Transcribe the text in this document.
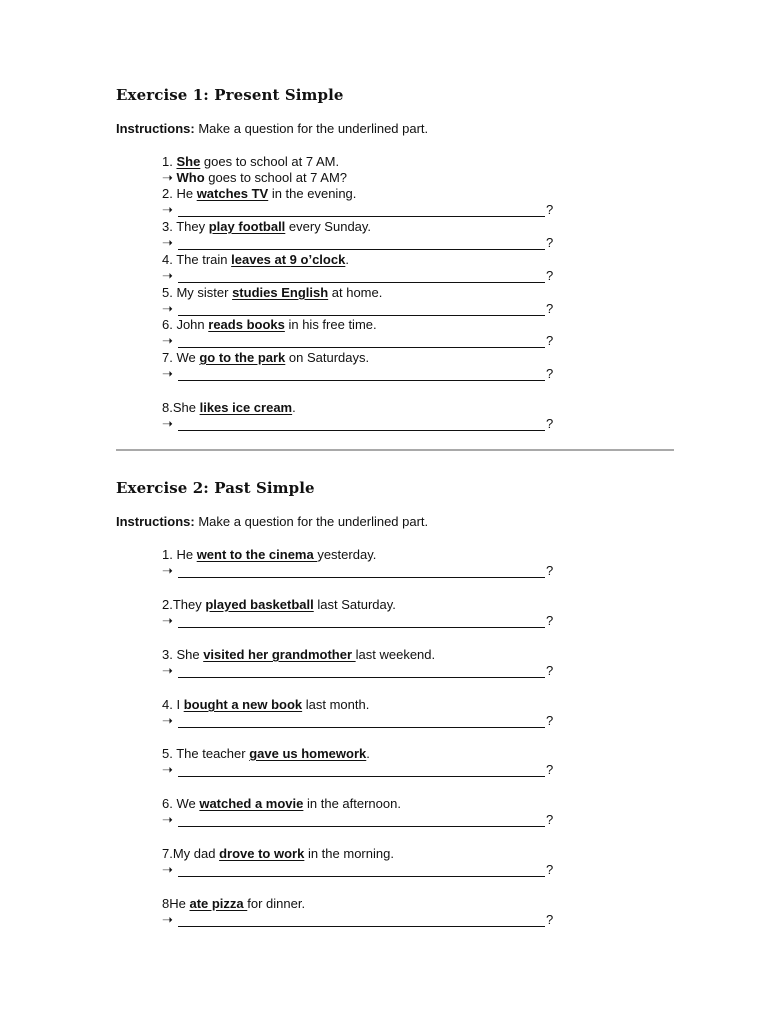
Exercise 1: Present Simple

Instructions: Make a question for the underlined part.

1. She goes to school at 7 AM.
➝ Who goes to school at 7 AM?
2. He watches TV in the evening.
➝	?
3. They play football every Sunday.
➝	?
4. The train leaves at 9 o’clock.
➝	?
5. My sister studies English at home.
➝	?
6. John reads books in his free time.
➝	?
7. We go to the park on Saturdays.
➝	?
8.She likes ice cream.
➝	?
Exercise 2: Past Simple

Instructions: Make a question for the underlined part.

1. He went to the cinema yesterday.
➝	?
2.They played basketball last Saturday.
➝	?
3. She visited her grandmother last weekend.
➝	?
4. I bought a new book last month.
➝	?
5. The teacher gave us homework.
➝	?
6. We watched a movie in the afternoon.
➝	?
7.My dad drove to work in the morning.
➝	?
8He ate pizza for dinner.
➝	?
